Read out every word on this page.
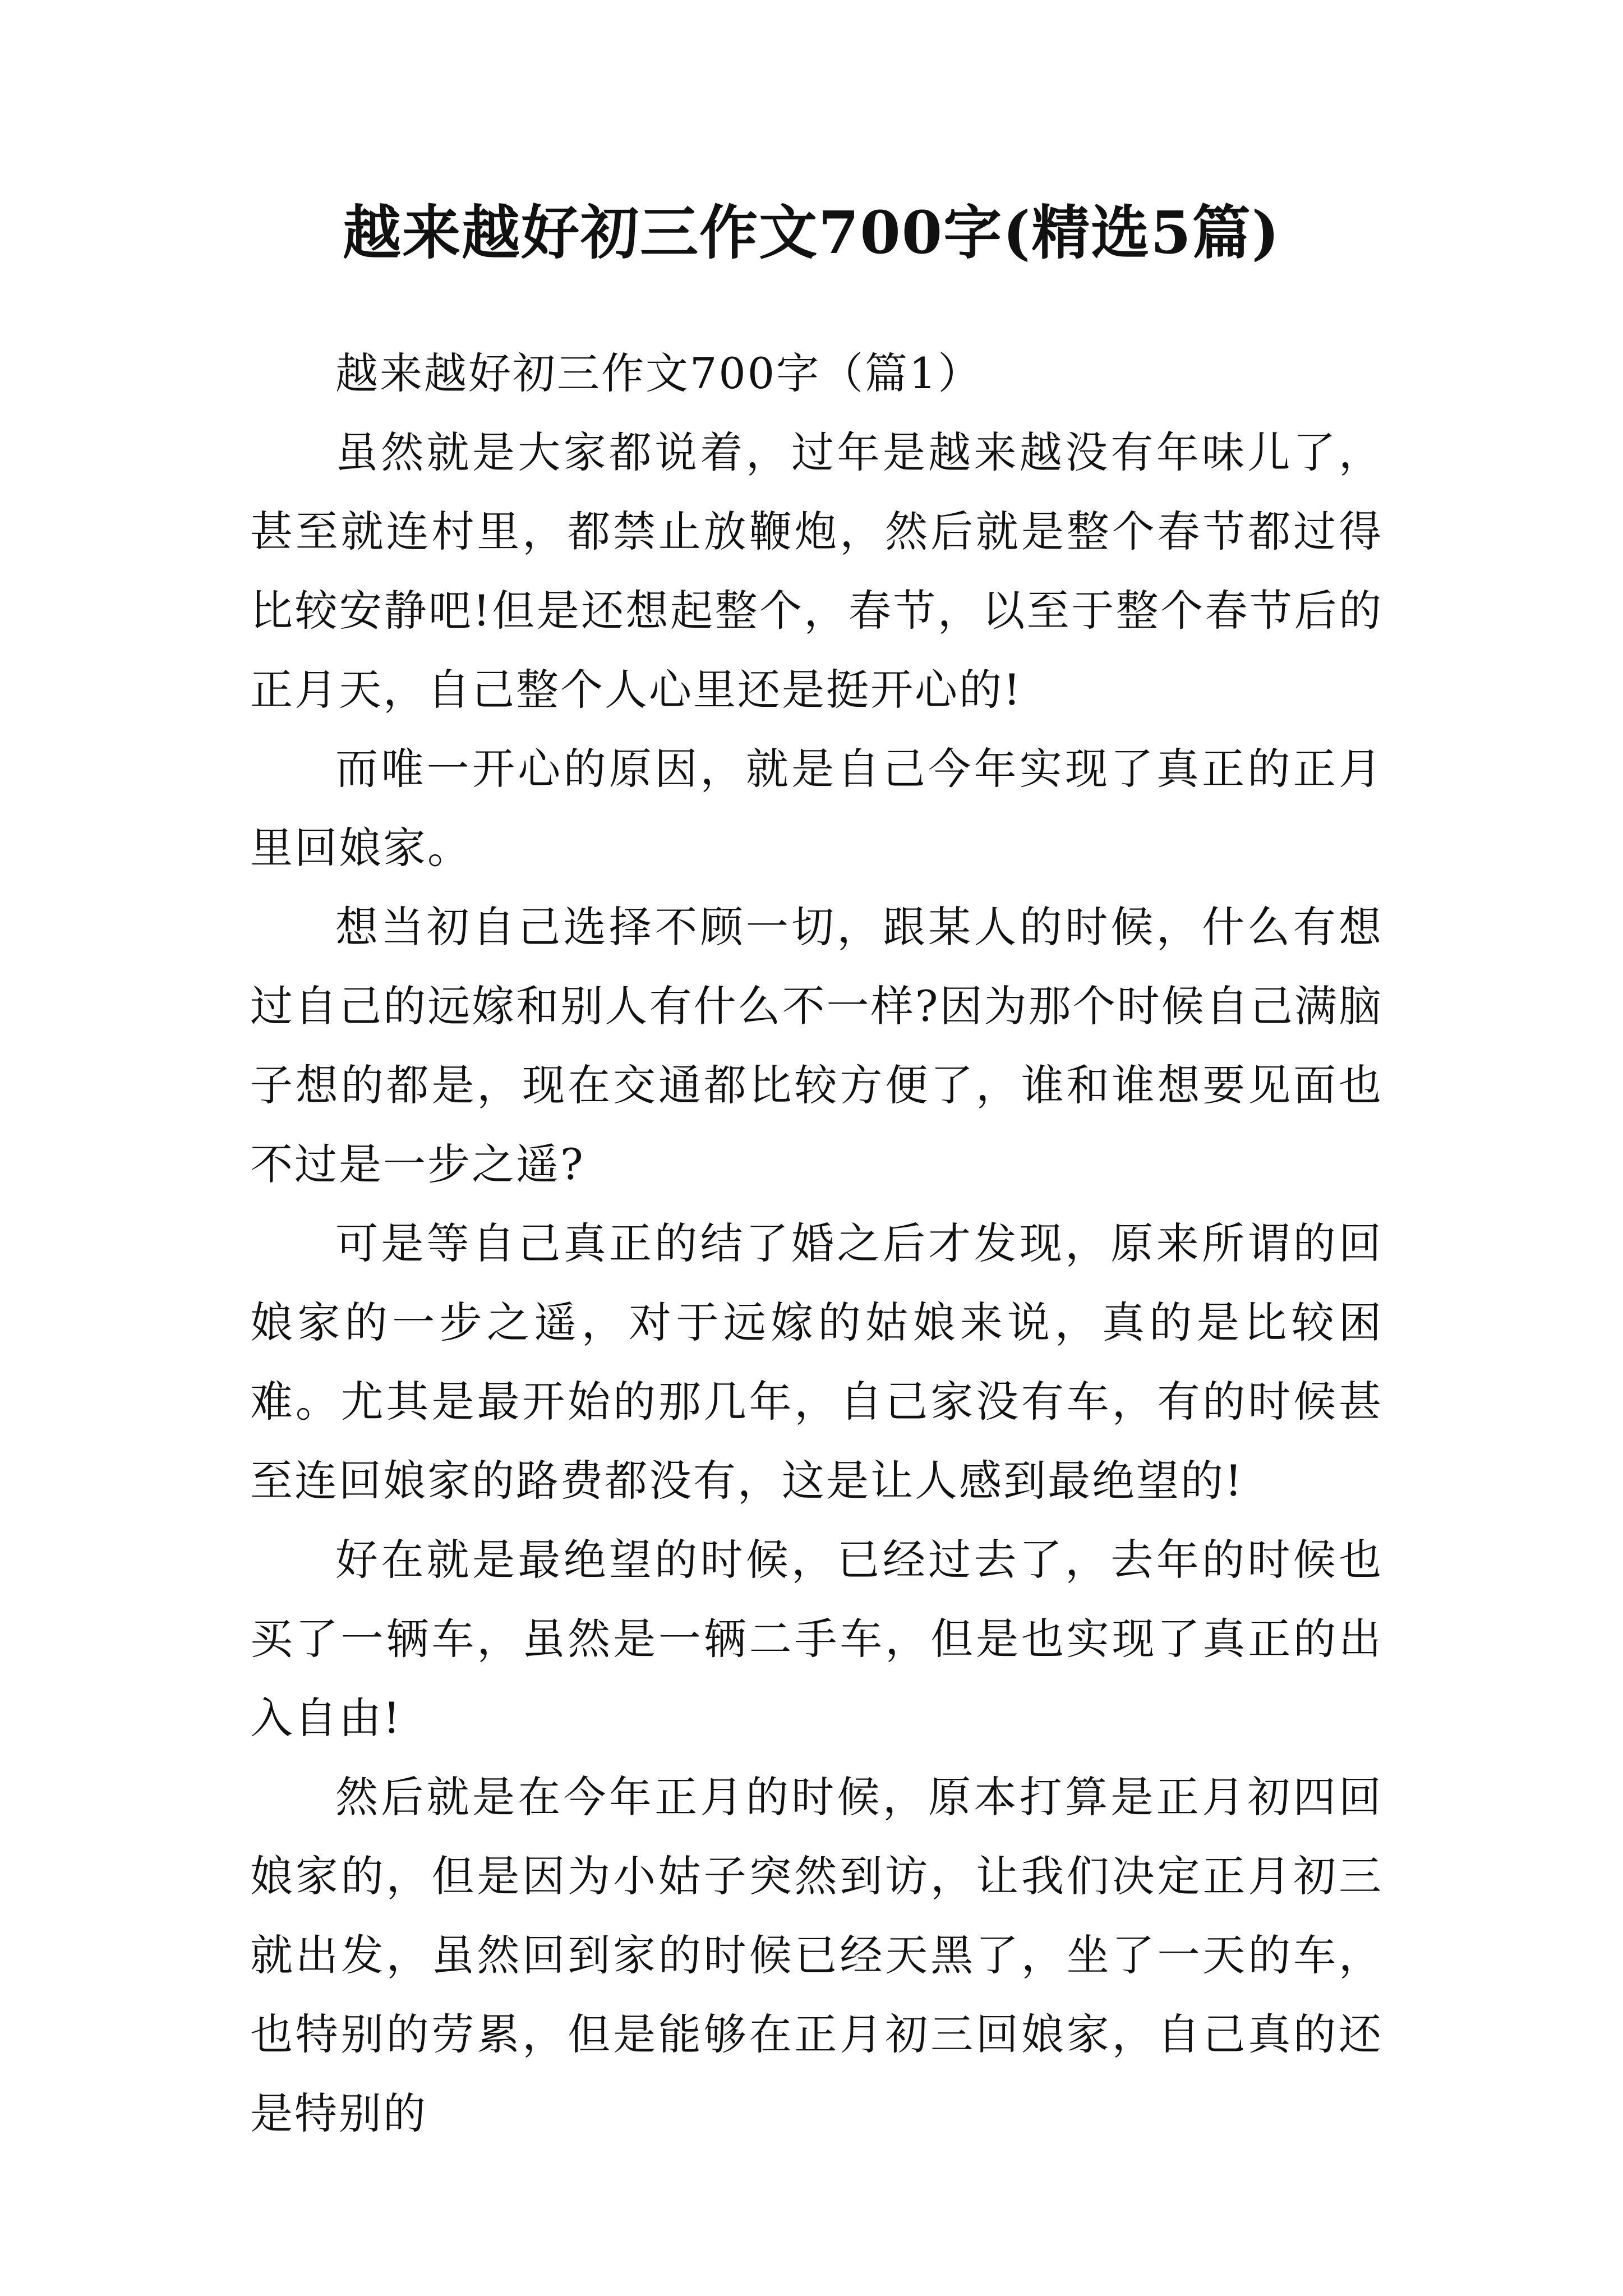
越来越好初三作文700字(精选5篇)

越来越好初三作文700字（篇1）

虽然就是大家都说着，过年是越来越没有年味儿了，甚至就连村里，都禁止放鞭炮，然后就是整个春节都过得比较安静吧!但是还想起整个，春节，以至于整个春节后的正月天，自己整个人心里还是挺开心的!

而唯一开心的原因，就是自己今年实现了真正的正月里回娘家。

想当初自己选择不顾一切，跟某人的时候，什么有想过自己的远嫁和别人有什么不一样?因为那个时候自己满脑子想的都是，现在交通都比较方便了，谁和谁想要见面也不过是一步之遥?

可是等自己真正的结了婚之后才发现，原来所谓的回娘家的一步之遥，对于远嫁的姑娘来说，真的是比较困难。尤其是最开始的那几年，自己家没有车，有的时候甚至连回娘家的路费都没有，这是让人感到最绝望的!

好在就是最绝望的时候，已经过去了，去年的时候也买了一辆车，虽然是一辆二手车，但是也实现了真正的出入自由!

然后就是在今年正月的时候，原本打算是正月初四回娘家的，但是因为小姑子突然到访，让我们决定正月初三就出发，虽然回到家的时候已经天黑了，坐了一天的车，也特别的劳累，但是能够在正月初三回娘家，自己真的还是特别的
